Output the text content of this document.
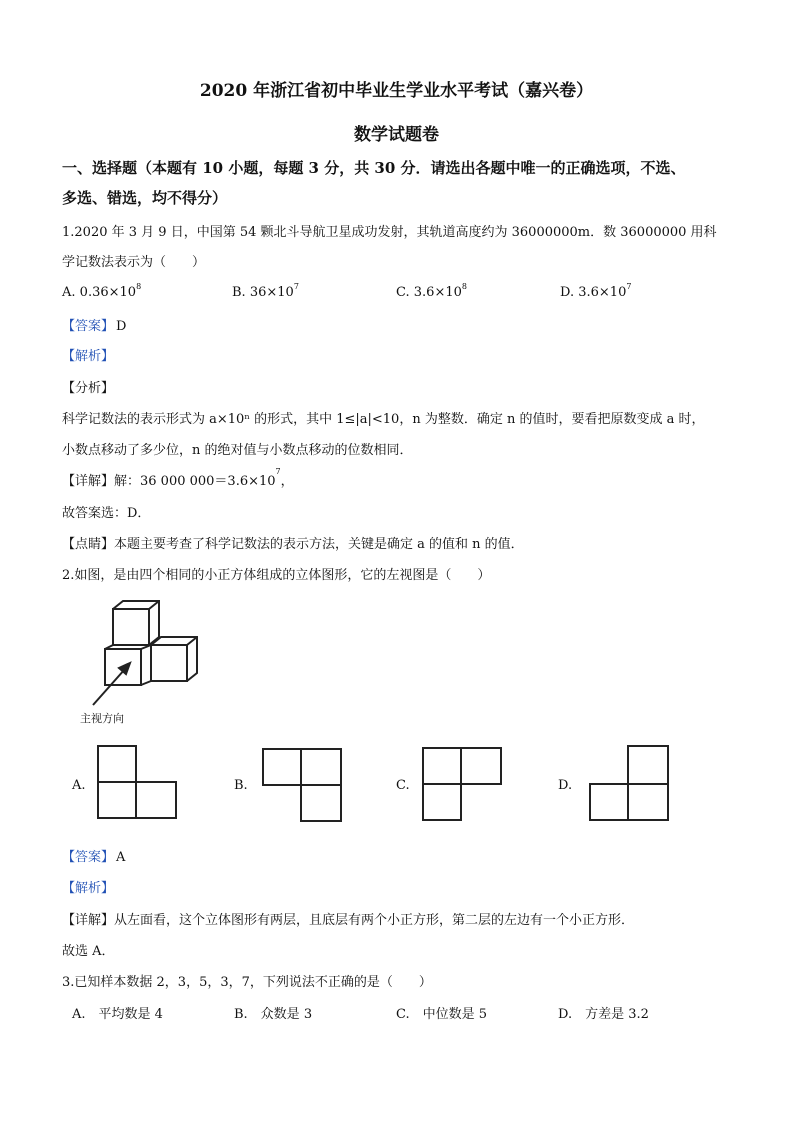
2020 年浙江省初中毕业生学业水平考试（嘉兴卷）
数学试题卷
一、选择题（本题有 10 小题，每题 3 分，共 30 分．请选出各题中唯一的正确选项，不选、
多选、错选，均不得分）
1.2020 年 3 月 9 日，中国第 54 颗北斗导航卫星成功发射，其轨道高度约为 36000000m．数 36000000 用科
学记数法表示为（　　）
A. $0.36\times 10^8$	B. $36\times 10^7$	C. $3.6\times 10^8$	D. $3.6\times 10^7$
【答案】 D
【解析】
【分析】
科学记数法的表示形式为 a×10ⁿ 的形式，其中 1≤|a|<10，n 为整数．确定 n 的值时，要看把原数变成 a 时，
小数点移动了多少位，n 的绝对值与小数点移动的位数相同．
【详解】解：36 000 $000=3.6\times 10^7$，
故答案选：D．
【点睛】本题主要考查了科学记数法的表示方法，关键是确定 a 的值和 n 的值．
2.如图，是由四个相同的小正方体组成的立体图形，它的左视图是（　　）
主视方向
A.	B.	C.	D.
【答案】 A
【解析】
【详解】从左面看，这个立体图形有两层，且底层有两个小正方形，第二层的左边有一个小正方形．
故选 A．
3.已知样本数据 2，3，5，3，7，下列说法不正确的是（　　）
A.　平均数是 4	B.　众数是 3	C.　中位数是 5	D.　方差是 3.2
